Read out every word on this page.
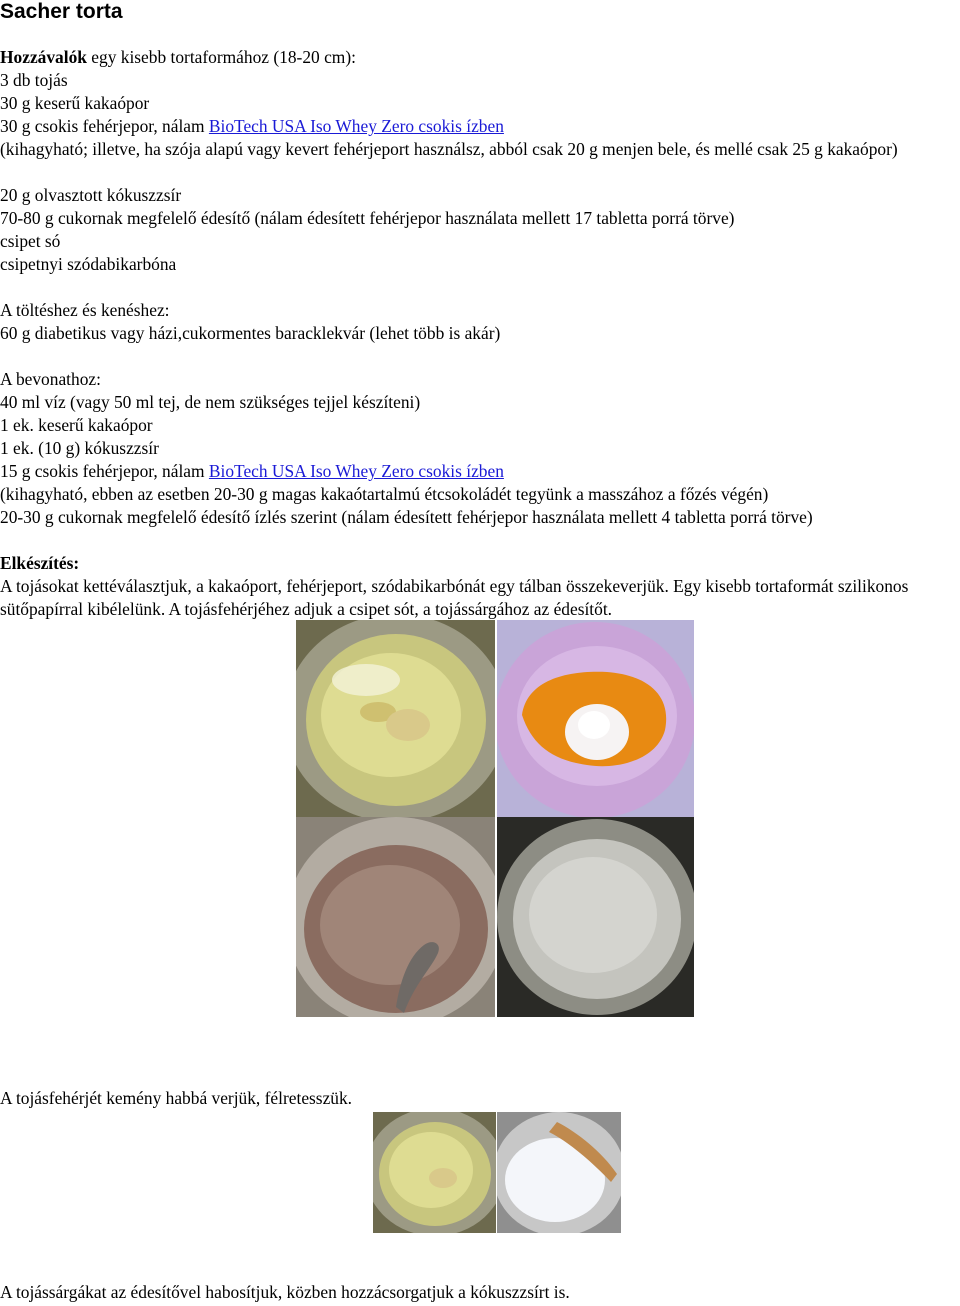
Sacher torta
Hozzávalók egy kisebb tortaformához (18-20 cm):
3 db tojás
30 g keserű kakaópor
30 g csokis fehérjepor, nálam BioTech USA Iso Whey Zero csokis ízben
(kihagyható; illetve, ha szója alapú vagy kevert fehérjeport használsz, abból csak 20 g menjen bele, és mellé csak 25 g kakaópor)
20 g olvasztott kókuszzsír
70-80 g cukornak megfelelő édesítő (nálam édesített fehérjepor használata mellett 17 tabletta porrá törve)
csipet só
csipetnyi szódabikarbóna
A töltéshez és kenéshez:
60 g diabetikus vagy házi,cukormentes baracklekvár (lehet több is akár)
A bevonathoz:
40 ml víz (vagy 50 ml tej, de nem szükséges tejjel készíteni)
1 ek. keserű kakaópor
1 ek. (10 g) kókuszzsír
15 g csokis fehérjepor, nálam BioTech USA Iso Whey Zero csokis ízben
(kihagyható, ebben az esetben 20-30 g magas kakaótartalmú étcsokoládét tegyünk a masszához a főzés végén)
20-30 g cukornak megfelelő édesítő ízlés szerint (nálam édesített fehérjepor használata mellett 4 tabletta porrá törve)
Elkészítés:
A tojásokat kettéválasztjuk, a kakaóport, fehérjeport, szódabikarbónát egy tálban összekeverjük. Egy kisebb tortaformát szilikonos sütőpapírral kibélelünk. A tojásfehérjéhez adjuk a csipet sót, a tojássárgához az édesítőt.
A tojásfehérjét kemény habbá verjük, félretesszük.
A tojássárgákat az édesítővel habosítjuk, közben hozzácsorgatjuk a kókuszzsírt is.
